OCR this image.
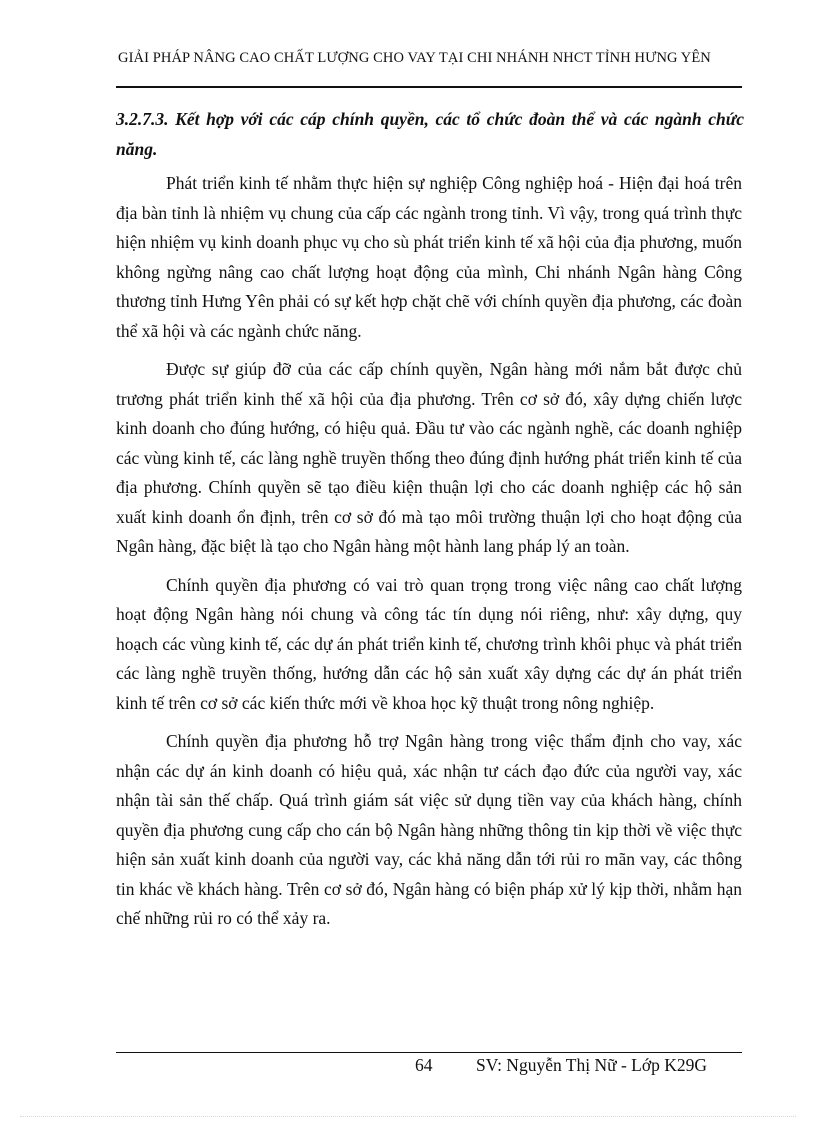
GIẢI PHÁP NÂNG CAO CHẤT LƯỢNG CHO VAY TẠI CHI NHÁNH NHCT TỈNH HƯNG YÊN
3.2.7.3. Kết hợp với các cáp chính quyền, các tổ chức đoàn thể và các ngành chức năng.

Phát triển kinh tế nhằm thực hiện sự nghiệp Công nghiệp hoá - Hiện đại hoá trên địa bàn tỉnh là nhiệm vụ chung của cấp các ngành trong tỉnh. Vì vậy, trong quá trình thực hiện nhiệm vụ kinh doanh phục vụ cho sù phát triển kinh tế xã hội của địa phương, muốn không ngừng nâng cao chất lượng hoạt động của mình, Chi nhánh Ngân hàng Công thương tỉnh Hưng Yên phải có sự kết hợp chặt chẽ với chính quyền địa phương, các đoàn thể xã hội và các ngành chức năng.

Được sự giúp đỡ của các cấp chính quyền, Ngân hàng mới nắm bắt được chủ trương phát triển kinh thế xã hội của địa phương. Trên cơ sở đó, xây dựng chiến lược kinh doanh cho đúng hướng, có hiệu quả. Đầu tư vào các ngành nghề, các doanh nghiệp các vùng kinh tế, các làng nghề truyền thống theo đúng định hướng phát triển kinh tế của địa phương. Chính quyền sẽ tạo điều kiện thuận lợi cho các doanh nghiệp các hộ sản xuất kinh doanh ổn định, trên cơ sở đó mà tạo môi trường thuận lợi cho hoạt động của Ngân hàng, đặc biệt là tạo cho Ngân hàng một hành lang pháp lý an toàn.

Chính quyền địa phương có vai trò quan trọng trong việc nâng cao chất lượng hoạt động Ngân hàng nói chung và công tác tín dụng nói riêng, như: xây dựng, quy hoạch các vùng kinh tế, các dự án phát triển kinh tế, chương trình khôi phục và phát triển các làng nghề truyền thống, hướng dẫn các hộ sản xuất xây dựng các dự án phát triển kinh tế trên cơ sở các kiến thức mới về khoa học kỹ thuật trong nông nghiệp.

Chính quyền địa phương hỗ trợ Ngân hàng trong việc thẩm định cho vay, xác nhận các dự án kinh doanh có hiệu quả, xác nhận tư cách đạo đức của người vay, xác nhận tài sản thế chấp. Quá trình giám sát việc sử dụng tiền vay của khách hàng, chính quyền địa phương cung cấp cho cán bộ Ngân hàng những thông tin kịp thời về việc thực hiện sản xuất kinh doanh của người vay, các khả năng dẫn tới rủi ro mãn vay, các thông tin khác về khách hàng. Trên cơ sở đó, Ngân hàng có biện pháp xử lý kịp thời, nhằm hạn chế những rủi ro có thể xảy ra.

64 SV: Nguyễn Thị Nữ - Lớp K29G
